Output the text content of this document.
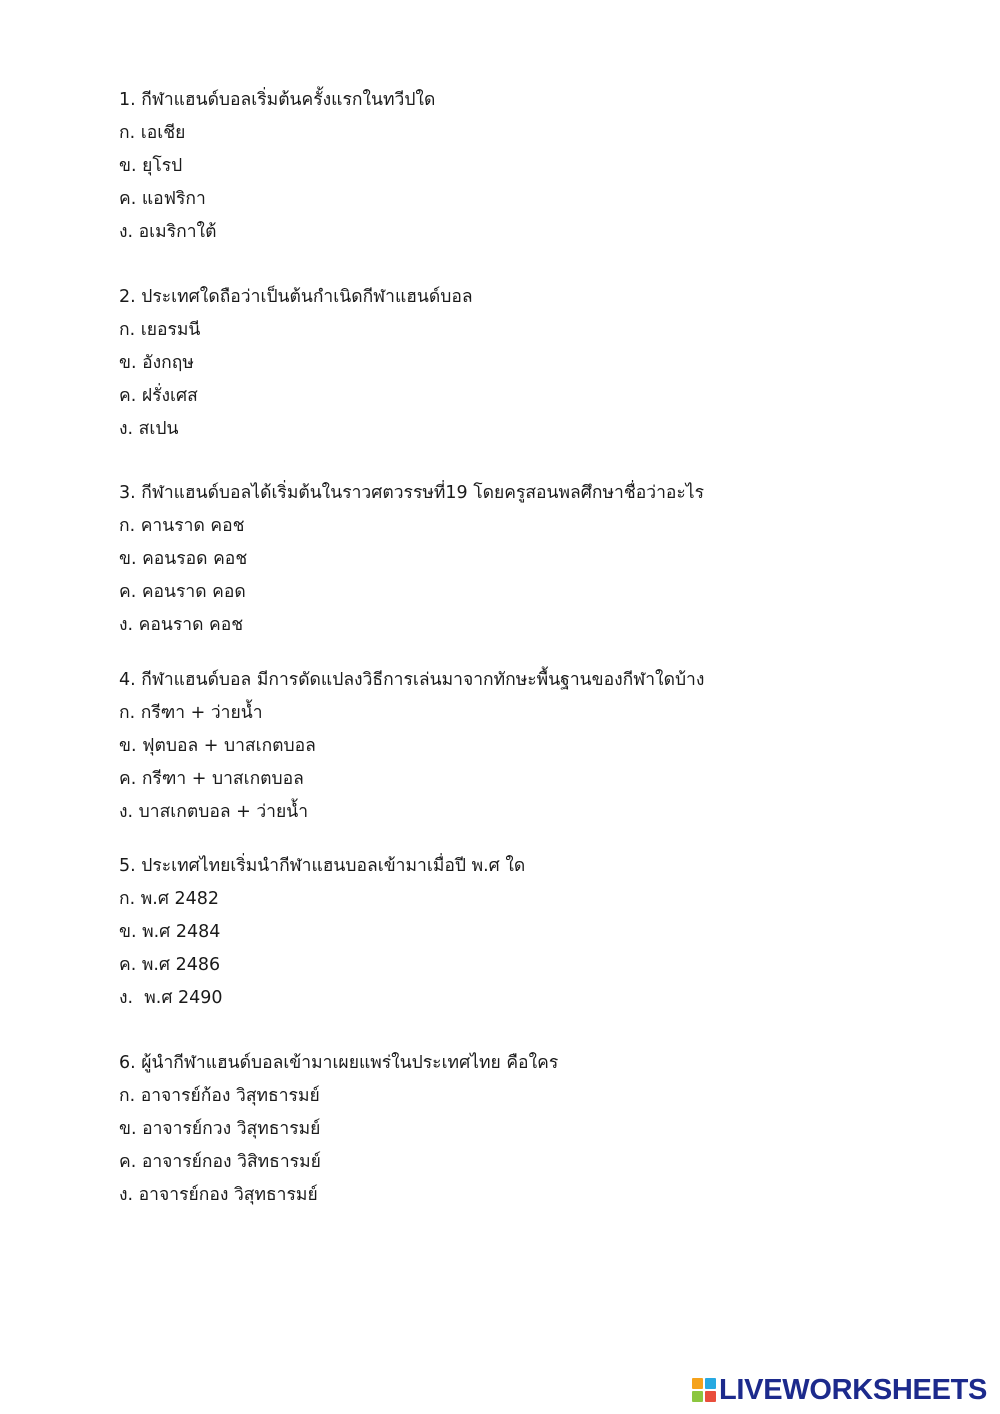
1. กีฬาแฮนด์บอลเริ่มต้นครั้งแรกในทวีปใด
ก. เอเชีย
ข. ยุโรป
ค. แอฟริกา
ง. อเมริกาใต้
2. ประเทศใดถือว่าเป็นต้นกำเนิดกีฬาแฮนด์บอล
ก. เยอรมนี
ข. อังกฤษ
ค. ฝรั่งเศส
ง. สเปน
3. กีฬาแฮนด์บอลได้เริ่มต้นในราวศตวรรษที่19 โดยครูสอนพลศึกษาชื่อว่าอะไร
ก. คานราด คอช
ข. คอนรอด คอช
ค. คอนราด คอด
ง. คอนราด คอช
4. กีฬาแฮนด์บอล มีการดัดแปลงวิธีการเล่นมาจากทักษะพื้นฐานของกีฬาใดบ้าง
ก. กรีฑา + ว่ายน้ำ
ข. ฟุตบอล + บาสเกตบอล
ค. กรีฑา + บาสเกตบอล
ง. บาสเกตบอล + ว่ายน้ำ
5. ประเทศไทยเริ่มนำกีฬาแฮนบอลเข้ามาเมื่อปี พ.ศ ใด
ก. พ.ศ 2482
ข. พ.ศ 2484
ค. พ.ศ 2486
ง.  พ.ศ 2490
6. ผู้นำกีฬาแฮนด์บอลเข้ามาเผยแพร่ในประเทศไทย คือใคร
ก. อาจารย์ก้อง วิสุทธารมย์
ข. อาจารย์กวง วิสุทธารมย์
ค. อาจารย์กอง วิสิทธารมย์
ง. อาจารย์กอง วิสุทธารมย์
LIVEWORKSHEETS
